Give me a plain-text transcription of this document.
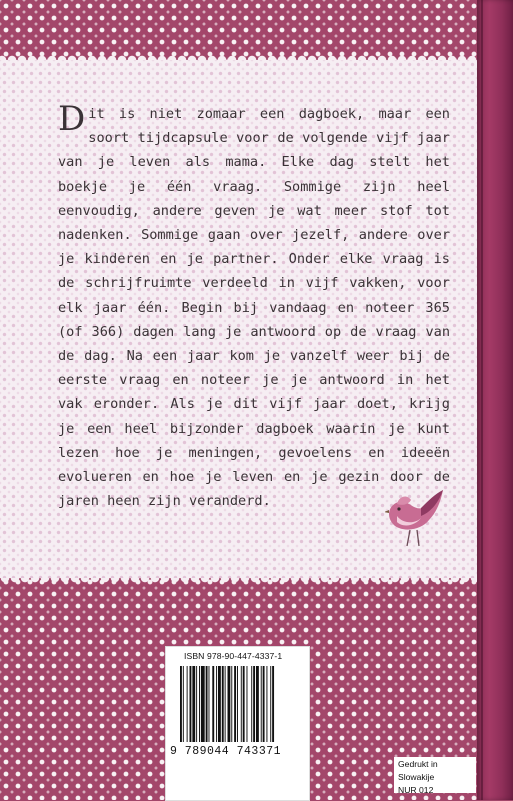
Dit is niet zomaar een dagboek, maar een soort tijdcapsule voor de volgende vijf jaar van je leven als mama. Elke dag stelt het boekje je één vraag. Sommige zijn heel eenvoudig, andere geven je wat meer stof tot nadenken. Sommige gaan over jezelf, andere over je kinderen en je partner. Onder elke vraag is de schrijfruimte verdeeld in vijf vakken, voor elk jaar één. Begin bij vandaag en noteer 365 (of 366) dagen lang je antwoord op de vraag van de dag. Na een jaar kom je vanzelf weer bij de eerste vraag en noteer je je antwoord in het vak eronder. Als je dit vijf jaar doet, krijg je een heel bijzonder dagboek waarin je kunt lezen hoe je meningen, gevoelens en ideeën evolueren en hoe je leven en je gezin door de jaren heen zijn veranderd.

ISBN 978-90-447-4337-1
9 789044 743371
Gedrukt in Slowakije
NUR 012
